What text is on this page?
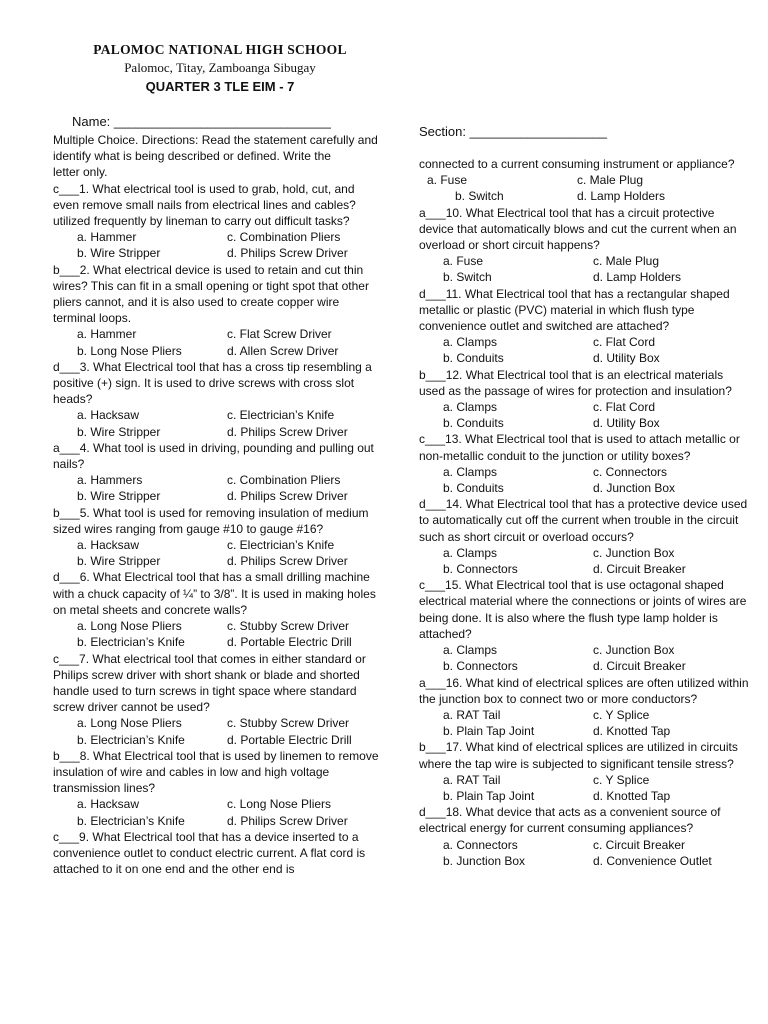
PALOMOC NATIONAL HIGH SCHOOL
Palomoc, Titay, Zamboanga Sibugay
QUARTER 3 TLE EIM - 7
Name: ______________________________
Section: ___________________

Multiple Choice. Directions: Read the statement carefully and identify what is being described or defined. Write the

letter only.

c___1. What electrical tool is used to grab, hold, cut, and even remove small nails from electrical lines and cables? utilized frequently by lineman to carry out difficult tasks?

a. Hammer	c. Combination Pliers
b. Wire Stripper	d. Philips Screw Driver

b___2. What electrical device is used to retain and cut thin wires? This can fit in a small opening or tight spot that other pliers cannot, and it is also used to create copper wire terminal loops.

a. Hammer	c. Flat Screw Driver
b. Long Nose Pliers	d. Allen Screw Driver

d___3. What Electrical tool that has a cross tip resembling a positive (+) sign. It is used to drive screws with cross slot heads?

a. Hacksaw	c. Electrician’s Knife
b. Wire Stripper	d. Philips Screw Driver

a___4. What tool is used in driving, pounding and pulling out nails?

a. Hammers	c. Combination Pliers
b. Wire Stripper	d. Philips Screw Driver

b___5. What tool is used for removing insulation of medium sized wires ranging from gauge #10 to gauge #16?

a. Hacksaw	c. Electrician’s Knife
b. Wire Stripper	d. Philips Screw Driver

d___6. What Electrical tool that has a small drilling machine with a chuck capacity of ¼” to 3/8”. It is used in making holes on metal sheets and concrete walls?

a. Long Nose Pliers	c. Stubby Screw Driver
b. Electrician’s Knife	d. Portable Electric Drill

c___7. What electrical tool that comes in either standard or Philips screw driver with short shank or blade and shorted handle used to turn screws in tight space where standard screw driver cannot be used?

a. Long Nose Pliers	c. Stubby Screw Driver
b. Electrician’s Knife	d. Portable Electric Drill

b___8. What Electrical tool that is used by linemen to remove insulation of wire and cables in low and high voltage transmission lines?

a. Hacksaw	c. Long Nose Pliers
b. Electrician’s Knife	d. Philips Screw Driver

c___9. What Electrical tool that has a device inserted to a convenience outlet to conduct electric current. A flat cord is attached to it on one end and the other end is

connected to a current consuming instrument or appliance?

a. Fuse	c. Male Plug
b. Switch	d. Lamp Holders

a___10. What Electrical tool that has a circuit protective device that automatically blows and cut the current when an overload or short circuit happens?

a. Fuse	c. Male Plug
b. Switch	d. Lamp Holders

d___11. What Electrical tool that has a rectangular shaped metallic or plastic (PVC) material in which flush type convenience outlet and switched are attached?

a. Clamps	c. Flat Cord
b. Conduits	d. Utility Box

b___12. What Electrical tool that is an electrical materials used as the passage of wires for protection and insulation?

a. Clamps	c. Flat Cord
b. Conduits	d. Utility Box

c___13. What Electrical tool that is used to attach metallic or non-metallic conduit to the junction or utility boxes?

a. Clamps	c. Connectors
b. Conduits	d. Junction Box

d___14. What Electrical tool that has a protective device used to automatically cut off the current when trouble in the circuit such as short circuit or overload occurs?

a. Clamps	c. Junction Box
b. Connectors	d. Circuit Breaker

c___15. What Electrical tool that is use octagonal shaped electrical material where the connections or joints of wires are being done. It is also where the flush type lamp holder is attached?

a. Clamps	c. Junction Box
b. Connectors	d. Circuit Breaker

a___16. What kind of electrical splices are often utilized within the junction box to connect two or more conductors?

a. RAT Tail	c. Y Splice
b. Plain Tap Joint	d. Knotted Tap

b___17. What kind of electrical splices are utilized in circuits where the tap wire is subjected to significant tensile stress?

a. RAT Tail	c. Y Splice
b. Plain Tap Joint	d. Knotted Tap

d___18. What device that acts as a convenient source of electrical energy for current consuming appliances?

a. Connectors	c. Circuit Breaker
b. Junction Box	d. Convenience Outlet
